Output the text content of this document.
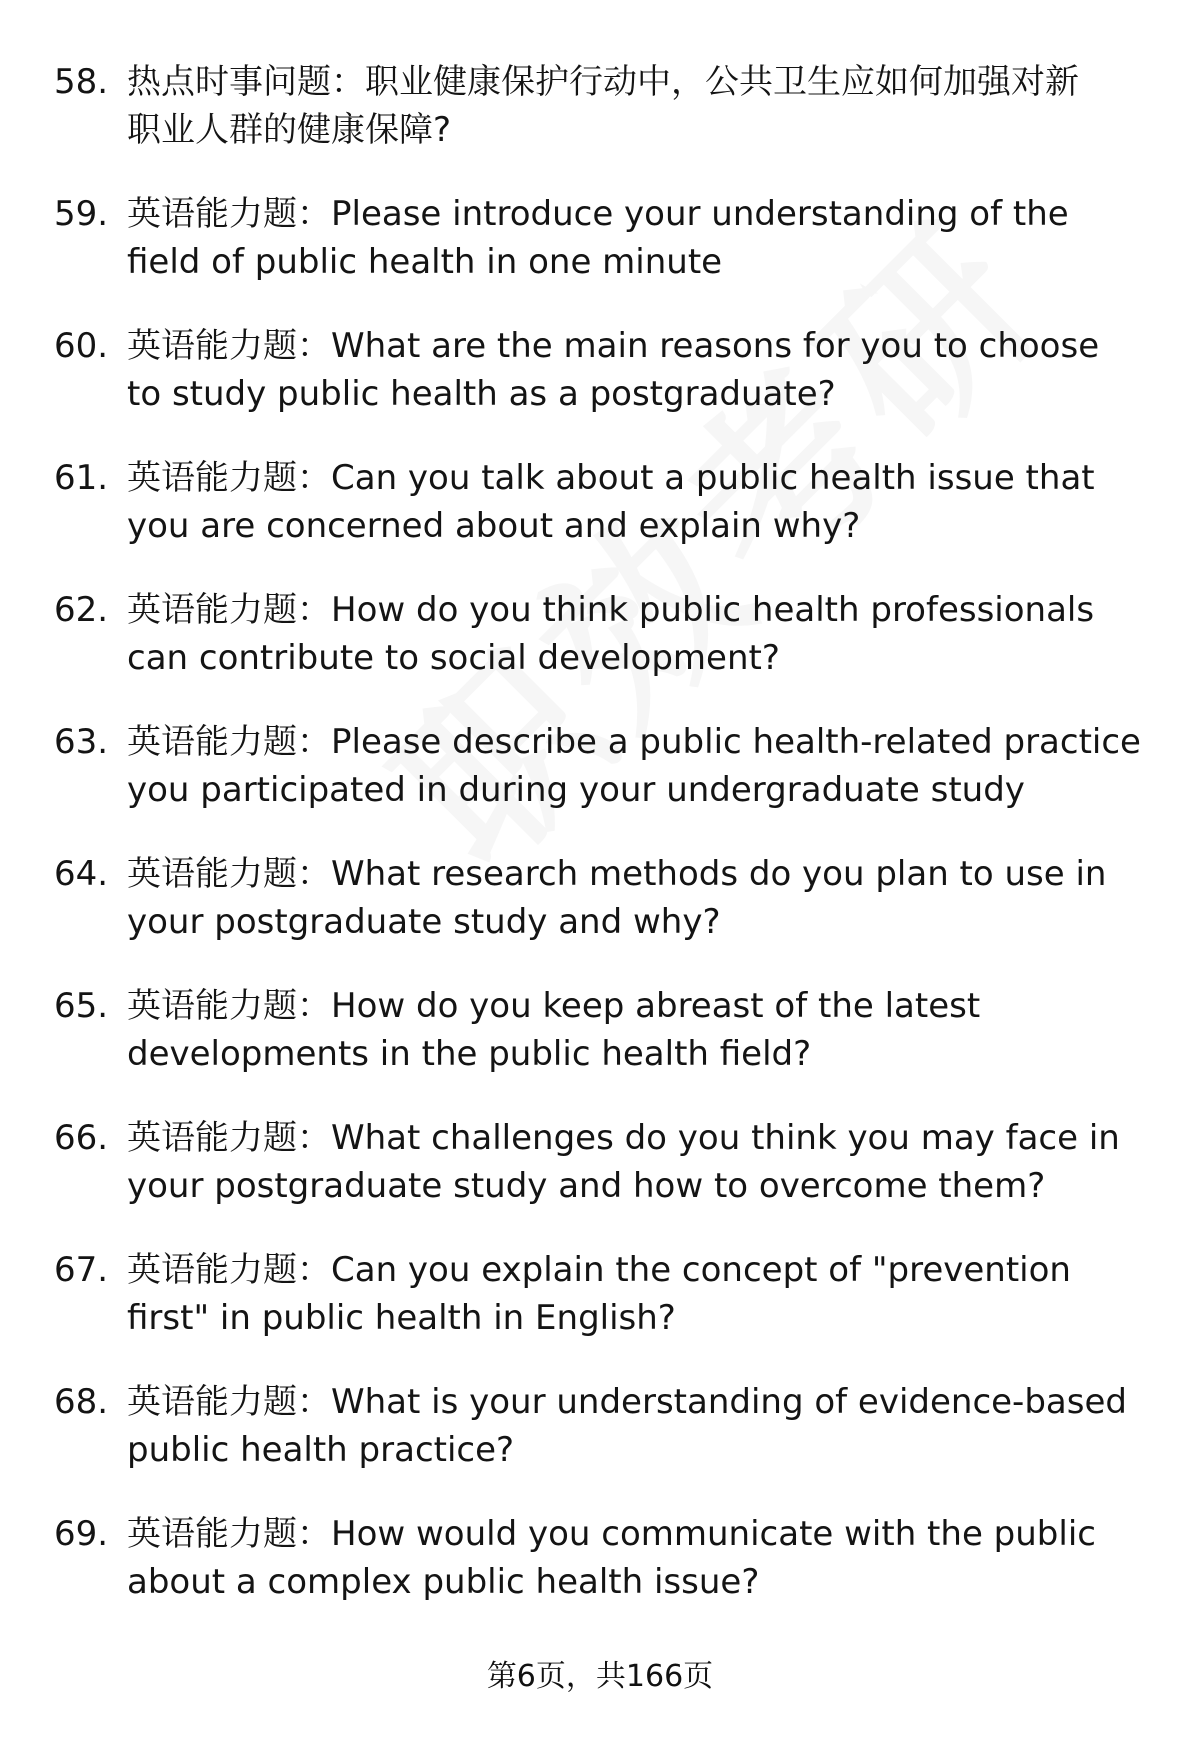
58. 热点时事问题：职业健康保护行动中，公共卫生应如何加强对新
职业人群的健康保障?
59. 英语能力题：Please introduce your understanding of the
field of public health in one minute
60. 英语能力题：What are the main reasons for you to choose
to study public health as a postgraduate?
61. 英语能力题：Can you talk about a public health issue that
you are concerned about and explain why?
62. 英语能力题：How do you think public health professionals
can contribute to social development?
63. 英语能力题：Please describe a public health-related practice
you participated in during your undergraduate study
64. 英语能力题：What research methods do you plan to use in
your postgraduate study and why?
65. 英语能力题：How do you keep abreast of the latest
developments in the public health field?
66. 英语能力题：What challenges do you think you may face in
your postgraduate study and how to overcome them?
67. 英语能力题：Can you explain the concept of "prevention
first" in public health in English?
68. 英语能力题：What is your understanding of evidence-based
public health practice?
69. 英语能力题：How would you communicate with the public
about a complex public health issue?
第6页，共166页
